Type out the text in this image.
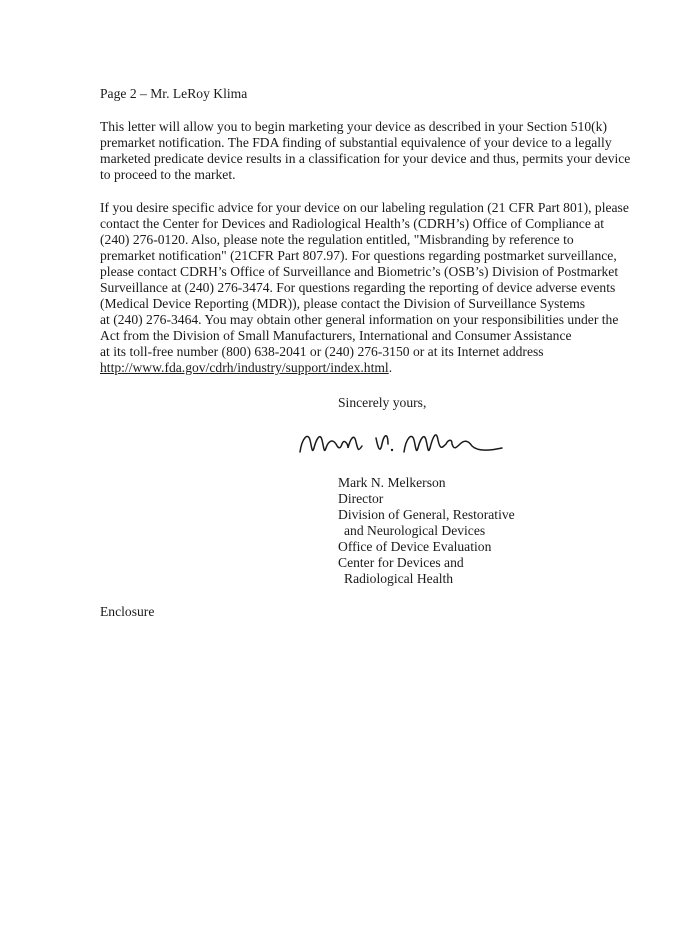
Page 2 – Mr. LeRoy Klima
This letter will allow you to begin marketing your device as described in your Section 510(k)
premarket notification. The FDA finding of substantial equivalence of your device to a legally
marketed predicate device results in a classification for your device and thus, permits your device
to proceed to the market.
If you desire specific advice for your device on our labeling regulation (21 CFR Part 801), please
contact the Center for Devices and Radiological Health’s (CDRH’s) Office of Compliance at
(240) 276-0120. Also, please note the regulation entitled, "Misbranding by reference to
premarket notification" (21CFR Part 807.97). For questions regarding postmarket surveillance,
please contact CDRH’s Office of Surveillance and Biometric’s (OSB’s) Division of Postmarket
Surveillance at (240) 276-3474. For questions regarding the reporting of device adverse events
(Medical Device Reporting (MDR)), please contact the Division of Surveillance Systems
at (240) 276-3464. You may obtain other general information on your responsibilities under the
Act from the Division of Small Manufacturers, International and Consumer Assistance
at its toll-free number (800) 638-2041 or (240) 276-3150 or at its Internet address
http://www.fda.gov/cdrh/industry/support/index.html.
Sincerely yours,
Mark N. Melkerson
Director
Division of General, Restorative
and Neurological Devices
Office of Device Evaluation
Center for Devices and
Radiological Health
Enclosure
